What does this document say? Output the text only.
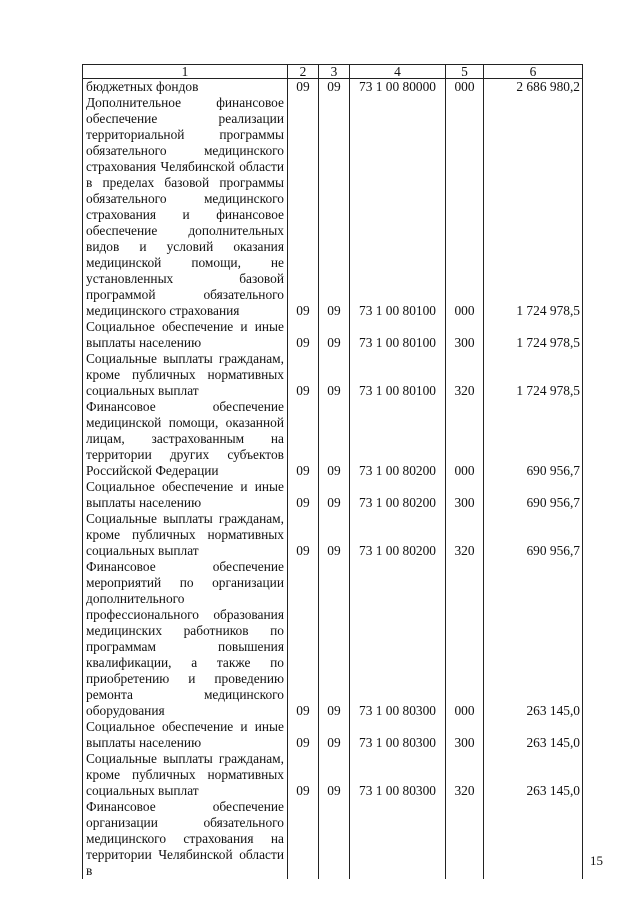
1	2	3	4	5	6
бюджетных фондов	09	09	73 1 00 80000	000	2 686 980,2
Дополнительное финансовое обеспечение реализации территориальной программы обязательного медицинского страхования Челябинской области в пределах базовой программы обязательного медицинского страхования и финансовое обеспечение дополнительных видов и условий оказания медицинской помощи, не установленных базовой программой обязательного медицинского страхования	09	09	73 1 00 80100	000	1 724 978,5
Социальное обеспечение и иные выплаты населению	09	09	73 1 00 80100	300	1 724 978,5
Социальные выплаты гражданам, кроме публичных нормативных социальных выплат	09	09	73 1 00 80100	320	1 724 978,5
Финансовое обеспечение медицинской помощи, оказанной лицам, застрахованным на территории других субъектов Российской Федерации	09	09	73 1 00 80200	000	690 956,7
Социальное обеспечение и иные выплаты населению	09	09	73 1 00 80200	300	690 956,7
Социальные выплаты гражданам, кроме публичных нормативных социальных выплат	09	09	73 1 00 80200	320	690 956,7
Финансовое обеспечение мероприятий по организации дополнительного профессионального образования медицинских работников по программам повышения квалификации, а также по приобретению и проведению ремонта медицинского оборудования	09	09	73 1 00 80300	000	263 145,0
Социальное обеспечение и иные выплаты населению	09	09	73 1 00 80300	300	263 145,0
Социальные выплаты гражданам, кроме публичных нормативных социальных выплат	09	09	73 1 00 80300	320	263 145,0
Финансовое обеспечение организации обязательного медицинского страхования на территории Челябинской области в					
15
